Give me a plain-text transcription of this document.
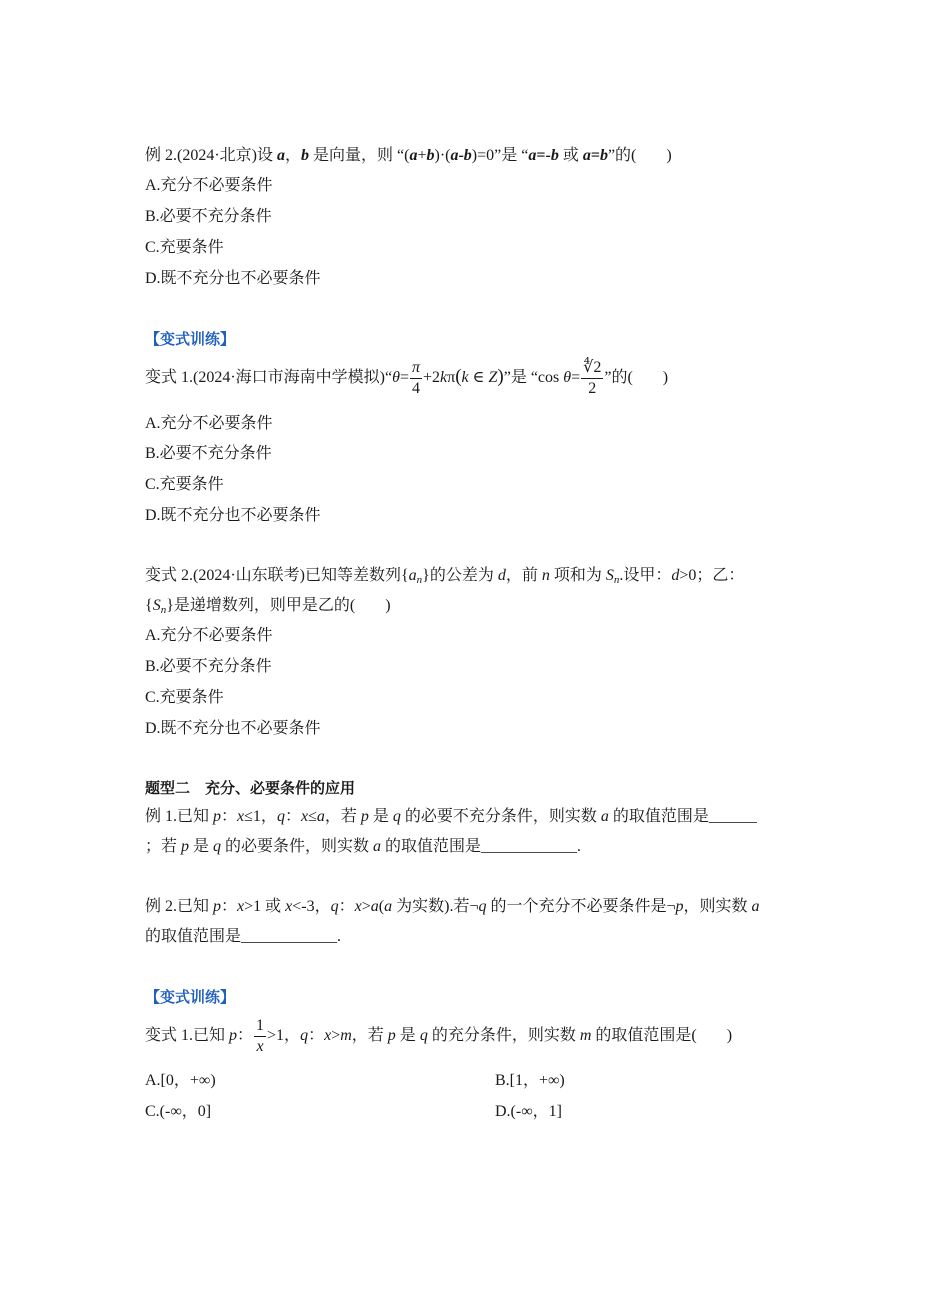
例 2.(2024·北京)设 a，b 是向量，则 “(a+b)·(a-b)=0”是 “a=-b 或 a=b”的( )
A.充分不必要条件
B.必要不充分条件
C.充要条件
D.既不充分也不必要条件
【变式训练】
变式 1.(2024·海口市海南中学模拟)“θ= $\frac{\pi}{4} +2k\pi(k$ ∈ Z)”是 “cos $\theta= \frac{∜2}{2}$ ”的( )
A.充分不必要条件
B.必要不充分条件
C.充要条件
D.既不充分也不必要条件
变式 2.(2024·山东联考)已知等差数列$\{a_n\}$的公差为 d，前 n 项和为 $S_n$.设甲：d>0；乙：
$\{S_n\}$是递增数列，则甲是乙的( )
A.充分不必要条件
B.必要不充分条件
C.充要条件
D.既不充分也不必要条件
题型二　充分、必要条件的应用
例 1.已知 p：x≤1，q：x≤a，若 p 是 q 的必要不充分条件，则实数 a 的取值范围是______
；若 p 是 q 的必要条件，则实数 a 的取值范围是____________.
例 2.已知 p：x>1 或 x<-3，q：x>a(a 为实数).若¬q 的一个充分不必要条件是¬p，则实数 a
的取值范围是____________.
【变式训练】
变式 1.已知 p： $\frac{1}{x} >1$，q：x>m，若 p 是 q 的充分条件，则实数 m 的取值范围是( )
A.[0，+∞)	B.[1，+∞)
C.(-∞，0]	D.(-∞，1]
